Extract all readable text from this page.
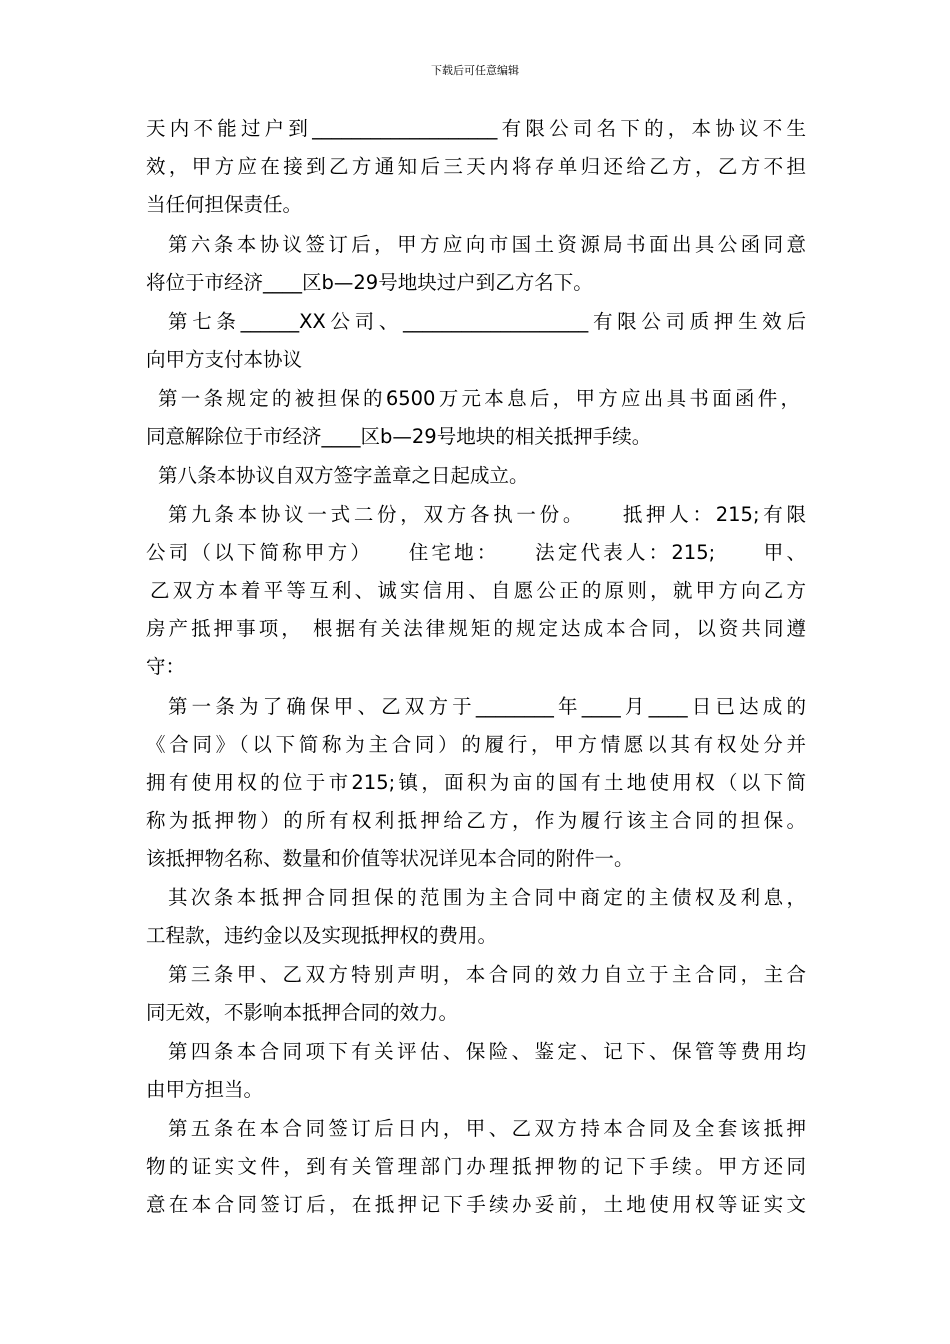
下载后可任意编辑
天内不能过户到___________________有限公司名下的，本协议不生
效，甲方应在接到乙方通知后三天内将存单归还给乙方，乙方不担
当任何担保责任。
第六条本协议签订后，甲方应向市国土资源局书面出具公函同意
将位于市经济____区b—29号地块过户到乙方名下。
第七条______XX公司、___________________有限公司质押生效后
向甲方支付本协议
第一条规定的被担保的6500万元本息后，甲方应出具书面函件，
同意解除位于市经济____区b—29号地块的相关抵押手续。
第八条本协议自双方签字盖章之日起成立。
第九条本协议一式二份，双方各执一份。　　抵押人：215;有限
公司（以下简称甲方）　　住宅地：　　法定代表人：215;　　甲、
乙双方本着平等互利、诚实信用、自愿公正的原则，就甲方向乙方
房产抵押事项， 根据有关法律规矩的规定达成本合同，以资共同遵
守：
第一条为了确保甲、乙双方于________年____月____日已达成的
《合同》（以下简称为主合同）的履行，甲方情愿以其有权处分并
拥有使用权的位于市215;镇，面积为亩的国有土地使用权（以下简
称为抵押物）的所有权利抵押给乙方，作为履行该主合同的担保。
该抵押物名称、数量和价值等状况详见本合同的附件一。
其次条本抵押合同担保的范围为主合同中商定的主债权及利息，
工程款，违约金以及实现抵押权的费用。
第三条甲、乙双方特别声明，本合同的效力自立于主合同，主合
同无效，不影响本抵押合同的效力。
第四条本合同项下有关评估、保险、鉴定、记下、保管等费用均
由甲方担当。
第五条在本合同签订后日内，甲、乙双方持本合同及全套该抵押
物的证实文件，到有关管理部门办理抵押物的记下手续。甲方还同
意在本合同签订后，在抵押记下手续办妥前，土地使用权等证实文
